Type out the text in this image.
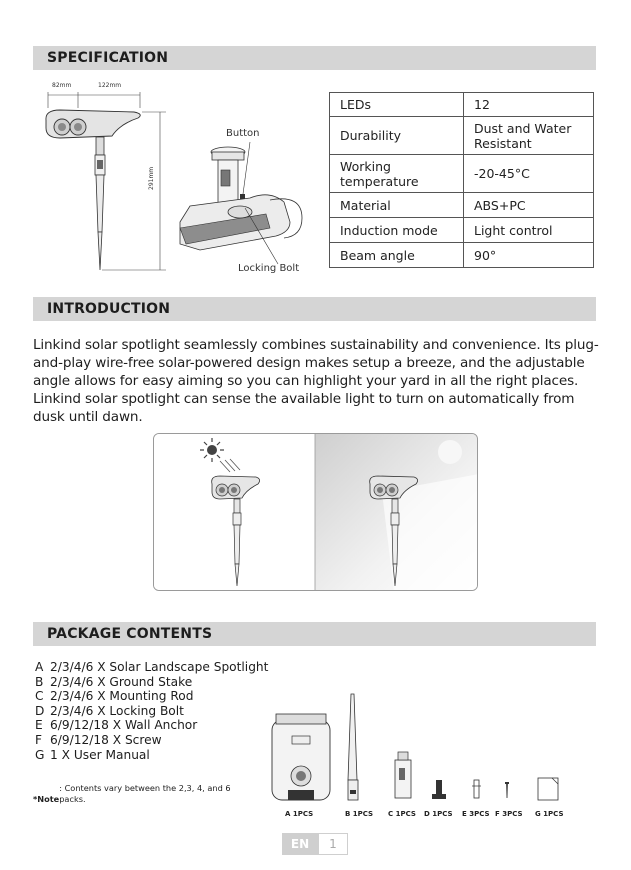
SPECIFICATION
82mm	122mm
291mm
Button
Locking Bolt
LEDs	12
Durability	Dust and Water Resistant
Working temperature	-20-45°C
Material	ABS+PC
Induction mode	Light control
Beam angle	90°
INTRODUCTION

Linkind solar spotlight seamlessly combines sustainability and convenience. Its plug-and-play wire-free solar-powered design makes setup a breeze, and the adjustable angle allows for easy aiming so you can highlight your yard in all the right places. Linkind solar spotlight can sense the available light to turn on automatically from dusk until dawn.

PACKAGE CONTENTS
A 2/3/4/6 X Solar Landscape Spotlight
B 2/3/4/6 X Ground Stake
C 2/3/4/6 X Mounting Rod
D 2/3/4/6 X Locking Bolt
E 6/9/12/18 X Wall Anchor
F 6/9/12/18 X Screw
G 1 X User Manual
*Note: Contents vary between the 2,3, 4, and 6 packs.
A 1PCS	B 1PCS C 1PCS D 1PCS E 3PCS F 3PCS G 1PCS
EN	1
